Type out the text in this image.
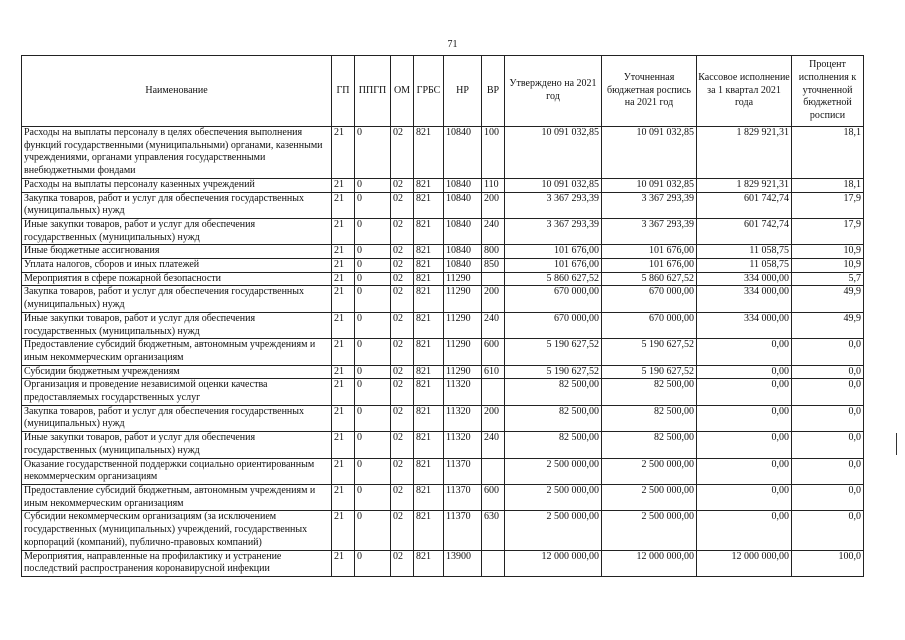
71
Наименование	ГП	ППГП	ОМ	ГРБС	НР	ВР	Утверждено на 2021 год	Уточненная бюджетная роспись на 2021 год	Кассовое исполнение за 1 квартал 2021 года	Процент исполнения к уточненной бюджетной росписи
Расходы на выплаты персоналу в целях обеспечения выполнения функций государственными (муниципальными) органами, казенными учреждениями, органами управления государственными внебюджетными фондами	21	0	02	821	10840	100	10 091 032,85	10 091 032,85	1 829 921,31	18,1
Расходы на выплаты персоналу казенных учреждений	21	0	02	821	10840	110	10 091 032,85	10 091 032,85	1 829 921,31	18,1
Закупка товаров, работ и услуг для обеспечения государственных (муниципальных) нужд	21	0	02	821	10840	200	3 367 293,39	3 367 293,39	601 742,74	17,9
Иные закупки товаров, работ и услуг для обеспечения государственных (муниципальных) нужд	21	0	02	821	10840	240	3 367 293,39	3 367 293,39	601 742,74	17,9
Иные бюджетные ассигнования	21	0	02	821	10840	800	101 676,00	101 676,00	11 058,75	10,9
Уплата налогов, сборов и иных платежей	21	0	02	821	10840	850	101 676,00	101 676,00	11 058,75	10,9
Мероприятия в сфере пожарной безопасности	21	0	02	821	11290		5 860 627,52	5 860 627,52	334 000,00	5,7
Закупка товаров, работ и услуг для обеспечения государственных (муниципальных) нужд	21	0	02	821	11290	200	670 000,00	670 000,00	334 000,00	49,9
Иные закупки товаров, работ и услуг для обеспечения государственных (муниципальных) нужд	21	0	02	821	11290	240	670 000,00	670 000,00	334 000,00	49,9
Предоставление субсидий бюджетным, автономным учреждениям и иным некоммерческим организациям	21	0	02	821	11290	600	5 190 627,52	5 190 627,52	0,00	0,0
Субсидии бюджетным учреждениям	21	0	02	821	11290	610	5 190 627,52	5 190 627,52	0,00	0,0
Организация и проведение независимой оценки качества предоставляемых государственных услуг	21	0	02	821	11320		82 500,00	82 500,00	0,00	0,0
Закупка товаров, работ и услуг для обеспечения государственных (муниципальных) нужд	21	0	02	821	11320	200	82 500,00	82 500,00	0,00	0,0
Иные закупки товаров, работ и услуг для обеспечения государственных (муниципальных) нужд	21	0	02	821	11320	240	82 500,00	82 500,00	0,00	0,0
Оказание государственной поддержки социально ориентированным некоммерческим организациям	21	0	02	821	11370		2 500 000,00	2 500 000,00	0,00	0,0
Предоставление субсидий бюджетным, автономным учреждениям и иным некоммерческим организациям	21	0	02	821	11370	600	2 500 000,00	2 500 000,00	0,00	0,0
Субсидии некоммерческим организациям (за исключением государственных (муниципальных) учреждений, государственных корпораций (компаний), публично-правовых компаний)	21	0	02	821	11370	630	2 500 000,00	2 500 000,00	0,00	0,0
Мероприятия, направленные на профилактику и устранение последствий распространения коронавирусной инфекции	21	0	02	821	13900		12 000 000,00	12 000 000,00	12 000 000,00	100,0
